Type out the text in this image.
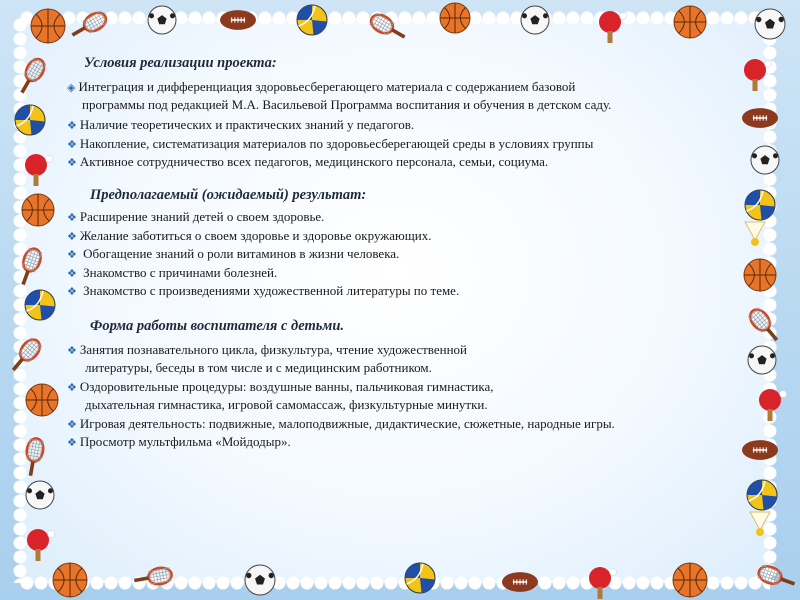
Условия реализации проекта:
◈ Интеграция и дифференциация здоровьесберегающего материала с содержанием базовой
программы под редакцией М.А. Васильевой Программа воспитания и обучения в детском саду.
❖ Наличие теоретических и практических знаний у педагогов.
❖ Накопление, систематизация материалов по здоровьесберегающей среды в условиях группы
❖ Активное сотрудничество всех педагогов, медицинского персонала, семьи, социума.
Предполагаемый (ожидаемый) результат:
❖ Расширение знаний детей о своем здоровье.
❖ Желание заботиться о своем здоровье и здоровье окружающих.
❖ Обогащение знаний о роли витаминов в жизни человека.
❖ Знакомство с причинами болезней.
❖ Знакомство с произведениями художественной литературы по теме.
Форма работы воспитателя с детьми.
❖ Занятия познавательного цикла, физкультура, чтение художественной
литературы, беседы в том числе и с медицинским работником.
❖ Оздоровительные процедуры: воздушные ванны, пальчиковая гимнастика,
дыхательная гимнастика, игровой самомассаж, физкультурные минутки.
❖ Игровая деятельность: подвижные, малоподвижные, дидактические, сюжетные, народные игры.
❖ Просмотр мультфильма «Мойдодыр».
